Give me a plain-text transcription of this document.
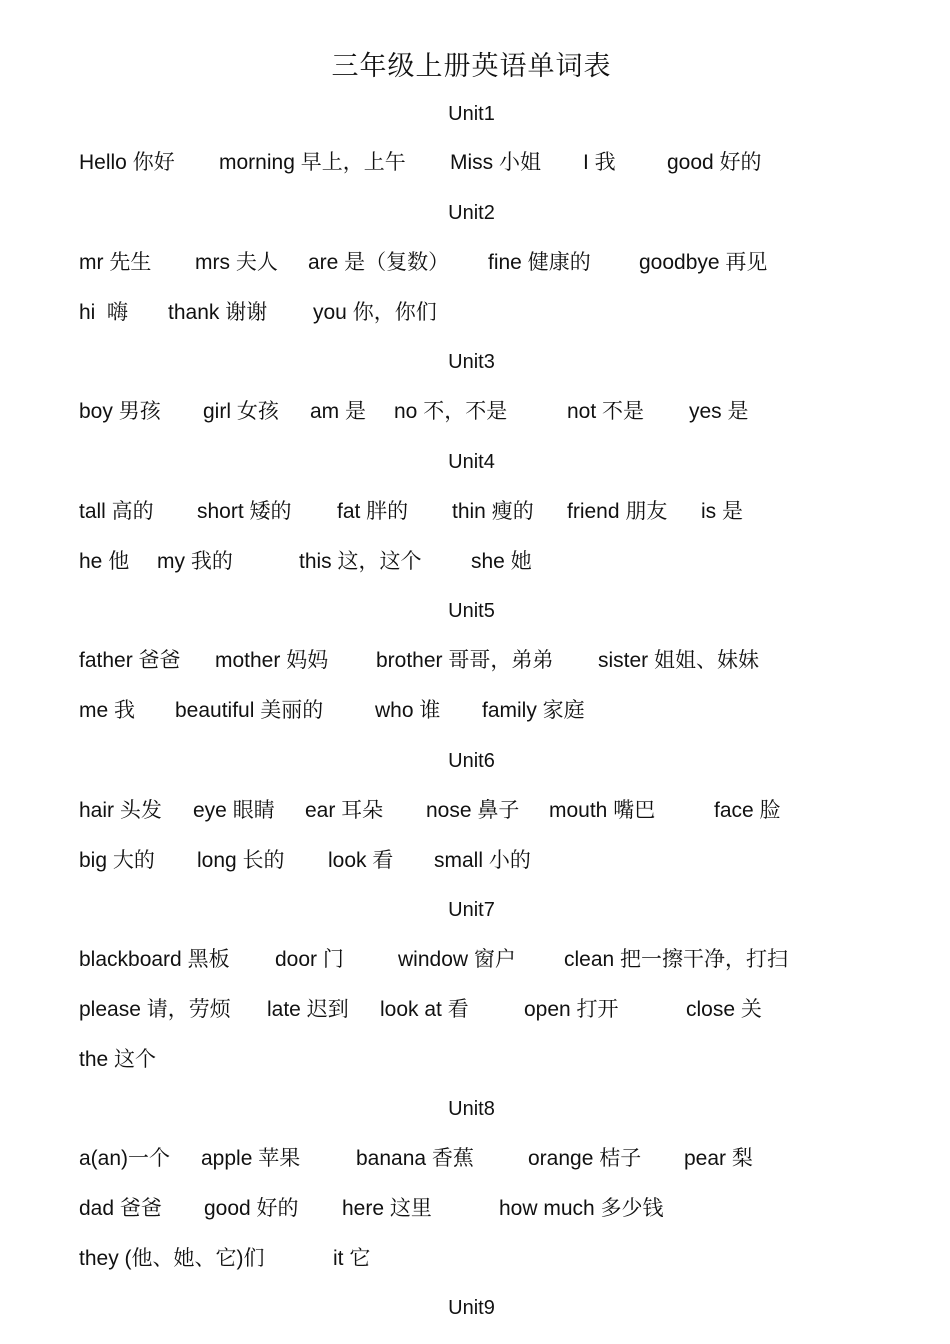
三年级上册英语单词表
Unit1
Hello 你好 morning 早上，上午 Miss 小姐 I 我 good 好的
Unit2
mr 先生 mrs 夫人 are 是（复数） fine 健康的 goodbye 再见
hi  嗨 thank 谢谢 you 你，你们
Unit3
boy 男孩 girl 女孩 am 是 no 不，不是	not 不是 yes 是
Unit4
tall 高的 short 矮的 fat 胖的 thin 瘦的 friend 朋友 is 是
he 他 my 我的	this 这，这个 she 她
Unit5
father 爸爸 mother 妈妈 brother 哥哥，弟弟 sister 姐姐、妹妹
me 我 beautiful 美丽的 who 谁 family 家庭
Unit6
hair 头发 eye 眼睛 ear 耳朵 nose 鼻子 mouth 嘴巴	face 脸
big 大的 long 长的 look 看 small 小的
Unit7
blackboard 黑板 door 门	window 窗户 clean 把一擦干净，打扫
please 请，劳烦 late 迟到 look at 看	open 打开	close 关
the 这个
Unit8
a(an)一个 apple 苹果	banana 香蕉	orange 桔子 pear 梨
dad 爸爸 good 好的 here 这里	how much 多少钱
they (他、她、它)们	it 它
Unit9
